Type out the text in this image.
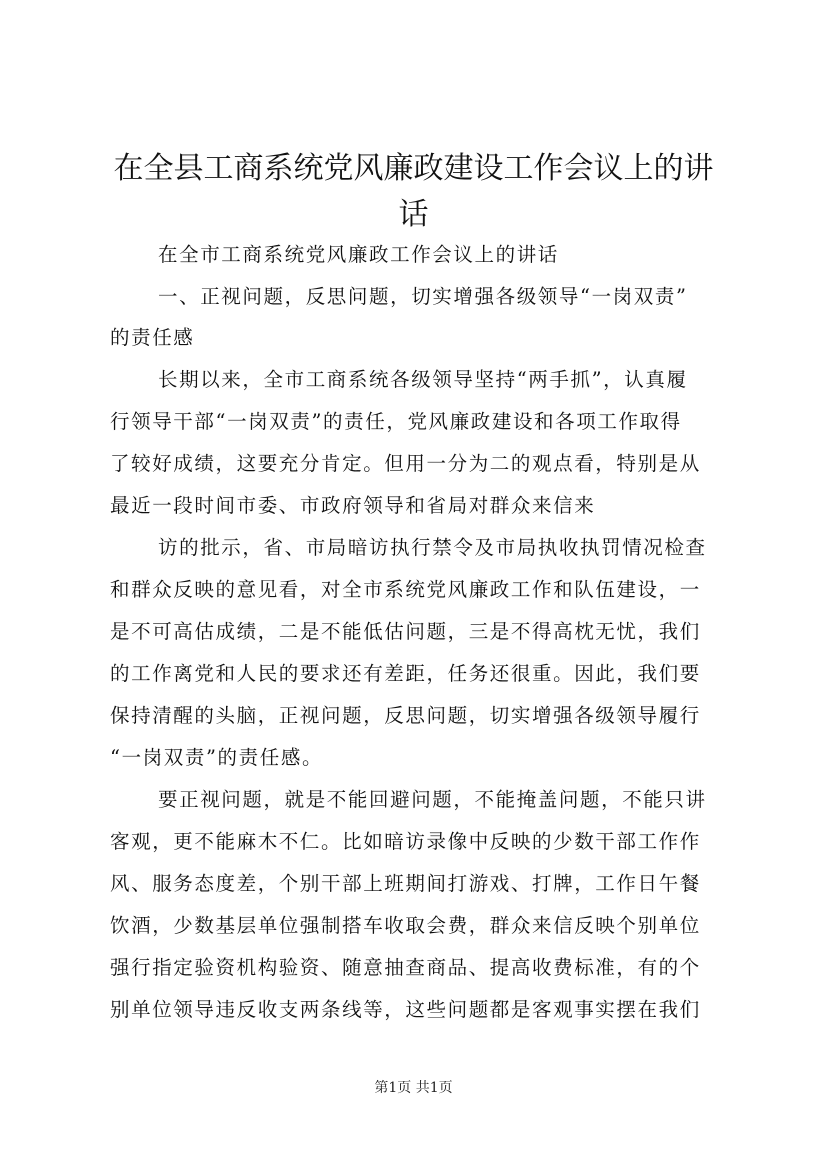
在全县工商系统党风廉政建设工作会议上的讲
话
在全市工商系统党风廉政工作会议上的讲话
一、正视问题，反思问题，切实增强各级领导“一岗双责”
的责任感
长期以来，全市工商系统各级领导坚持“两手抓”，认真履
行领导干部“一岗双责”的责任，党风廉政建设和各项工作取得
了较好成绩，这要充分肯定。但用一分为二的观点看，特别是从
最近一段时间市委、市政府领导和省局对群众来信来
访的批示，省、市局暗访执行禁令及市局执收执罚情况检查
和群众反映的意见看，对全市系统党风廉政工作和队伍建设，一
是不可高估成绩，二是不能低估问题，三是不得高枕无忧，我们
的工作离党和人民的要求还有差距，任务还很重。因此，我们要
保持清醒的头脑，正视问题，反思问题，切实增强各级领导履行
“一岗双责”的责任感。
要正视问题，就是不能回避问题，不能掩盖问题，不能只讲
客观，更不能麻木不仁。比如暗访录像中反映的少数干部工作作
风、服务态度差，个别干部上班期间打游戏、打牌，工作日午餐
饮酒，少数基层单位强制搭车收取会费，群众来信反映个别单位
强行指定验资机构验资、随意抽查商品、提高收费标准，有的个
别单位领导违反收支两条线等，这些问题都是客观事实摆在我们
第1页 共1页
